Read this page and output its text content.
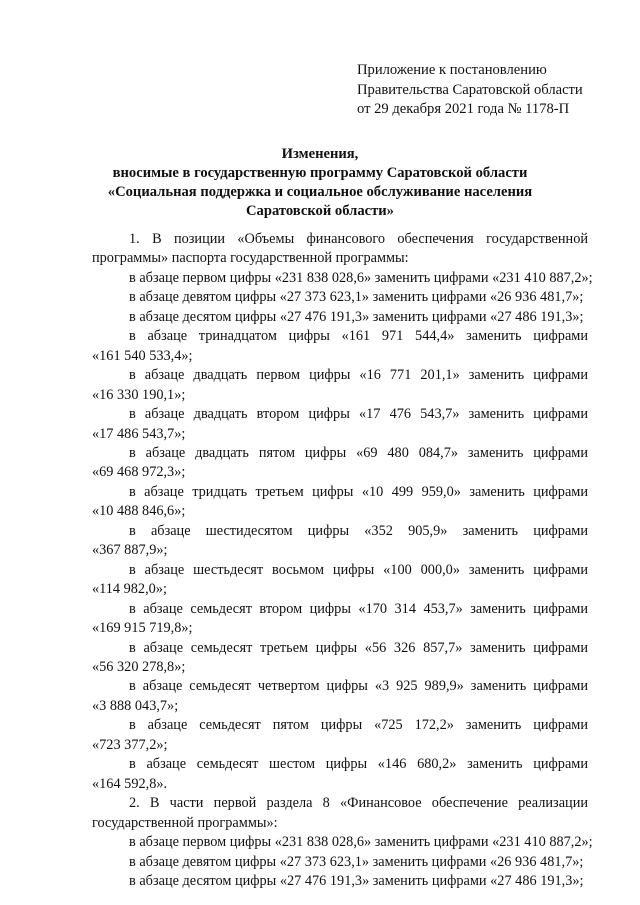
Приложение к постановлению
Правительства Саратовской области
от 29 декабря 2021 года № 1178-П
Изменения,
вносимые в государственную программу Саратовской области
«Социальная поддержка и социальное обслуживание населения
Саратовской области»
1. В позиции «Объемы финансового обеспечения государственной программы» паспорта государственной программы:
в абзаце первом цифры «231 838 028,6» заменить цифрами «231 410 887,2»;
в абзаце девятом цифры «27 373 623,1» заменить цифрами «26 936 481,7»;
в абзаце десятом цифры «27 476 191,3» заменить цифрами «27 486 191,3»;
в абзаце тринадцатом цифры «161 971 544,4» заменить цифрами
«161 540 533,4»;
в абзаце двадцать первом цифры «16 771 201,1» заменить цифрами
«16 330 190,1»;
в абзаце двадцать втором цифры «17 476 543,7» заменить цифрами
«17 486 543,7»;
в абзаце двадцать пятом цифры «69 480 084,7» заменить цифрами
«69 468 972,3»;
в абзаце тридцать третьем цифры «10 499 959,0» заменить цифрами
«10 488 846,6»;
в абзаце шестидесятом цифры «352 905,9» заменить цифрами
«367 887,9»;
в абзаце шестьдесят восьмом цифры «100 000,0» заменить цифрами
«114 982,0»;
в абзаце семьдесят втором цифры «170 314 453,7» заменить цифрами
«169 915 719,8»;
в абзаце семьдесят третьем цифры «56 326 857,7» заменить цифрами
«56 320 278,8»;
в абзаце семьдесят четвертом цифры «3 925 989,9» заменить цифрами
«3 888 043,7»;
в абзаце семьдесят пятом цифры «725 172,2» заменить цифрами
«723 377,2»;
в абзаце семьдесят шестом цифры «146 680,2» заменить цифрами
«164 592,8».
2. В части первой раздела 8 «Финансовое обеспечение реализации государственной программы»:
в абзаце первом цифры «231 838 028,6» заменить цифрами «231 410 887,2»;
в абзаце девятом цифры «27 373 623,1» заменить цифрами «26 936 481,7»;
в абзаце десятом цифры «27 476 191,3» заменить цифрами «27 486 191,3»;
